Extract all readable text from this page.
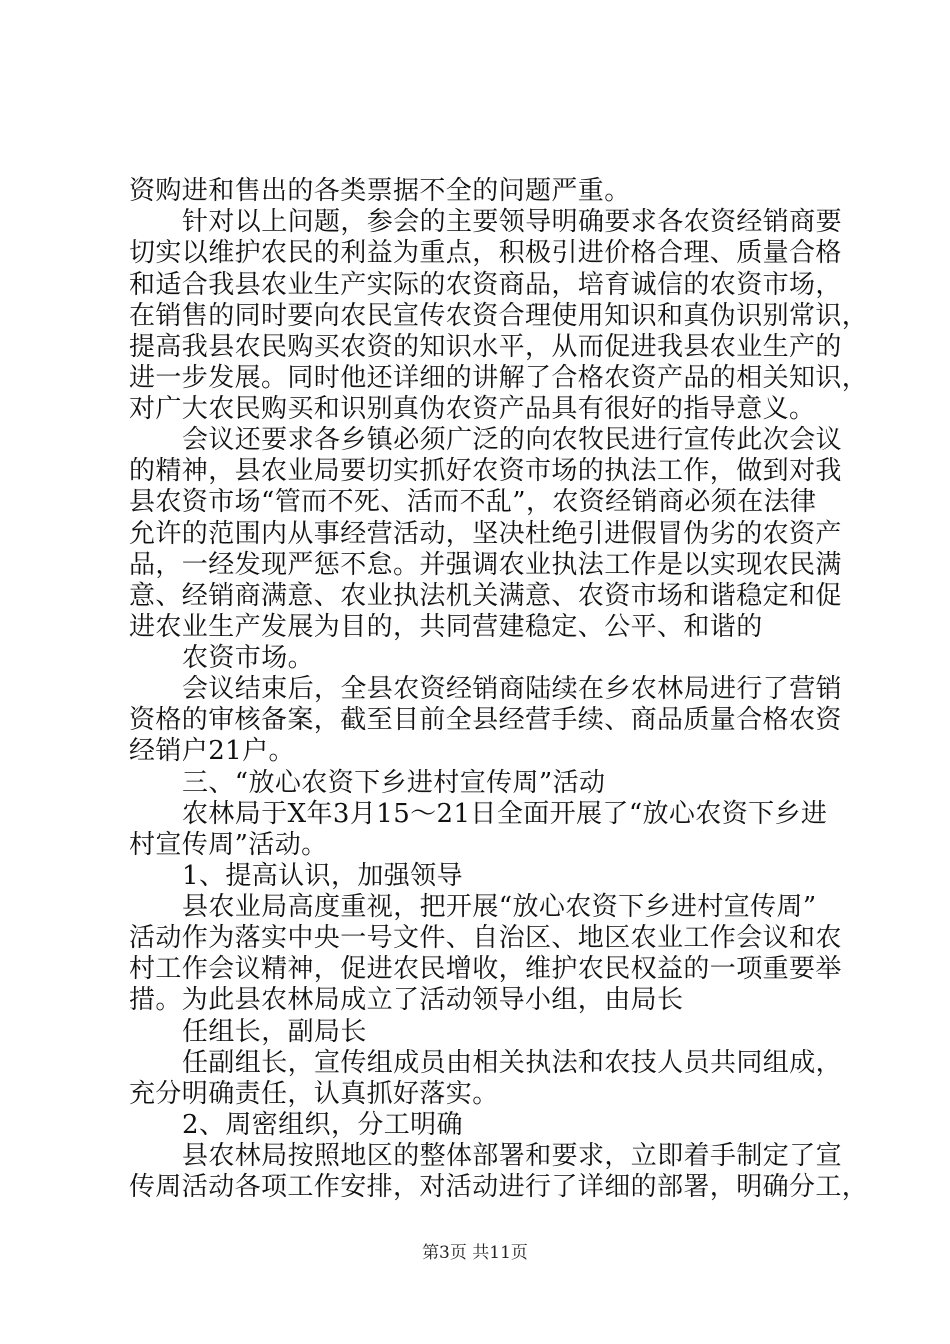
资购进和售出的各类票据不全的问题严重。
针对以上问题，参会的主要领导明确要求各农资经销商要
切实以维护农民的利益为重点，积极引进价格合理、质量合格
和适合我县农业生产实际的农资商品，培育诚信的农资市场，
在销售的同时要向农民宣传农资合理使用知识和真伪识别常识，
提高我县农民购买农资的知识水平，从而促进我县农业生产的
进一步发展。同时他还详细的讲解了合格农资产品的相关知识，
对广大农民购买和识别真伪农资产品具有很好的指导意义。
会议还要求各乡镇必须广泛的向农牧民进行宣传此次会议
的精神，县农业局要切实抓好农资市场的执法工作，做到对我
县农资市场“管而不死、活而不乱”，农资经销商必须在法律
允许的范围内从事经营活动，坚决杜绝引进假冒伪劣的农资产
品，一经发现严惩不怠。并强调农业执法工作是以实现农民满
意、经销商满意、农业执法机关满意、农资市场和谐稳定和促
进农业生产发展为目的，共同营建稳定、公平、和谐的
农资市场。
会议结束后，全县农资经销商陆续在乡农林局进行了营销
资格的审核备案，截至目前全县经营手续、商品质量合格农资
经销户21户。
三、“放心农资下乡进村宣传周”活动
农林局于X年3月15～21日全面开展了“放心农资下乡进
村宣传周”活动。
1、提高认识，加强领导
县农业局高度重视，把开展“放心农资下乡进村宣传周”
活动作为落实中央一号文件、自治区、地区农业工作会议和农
村工作会议精神，促进农民增收，维护农民权益的一项重要举
措。为此县农林局成立了活动领导小组，由局长
任组长，副局长
任副组长，宣传组成员由相关执法和农技人员共同组成，
充分明确责任，认真抓好落实。
2、周密组织，分工明确
县农林局按照地区的整体部署和要求，立即着手制定了宣
传周活动各项工作安排，对活动进行了详细的部署，明确分工，
第3页 共11页
